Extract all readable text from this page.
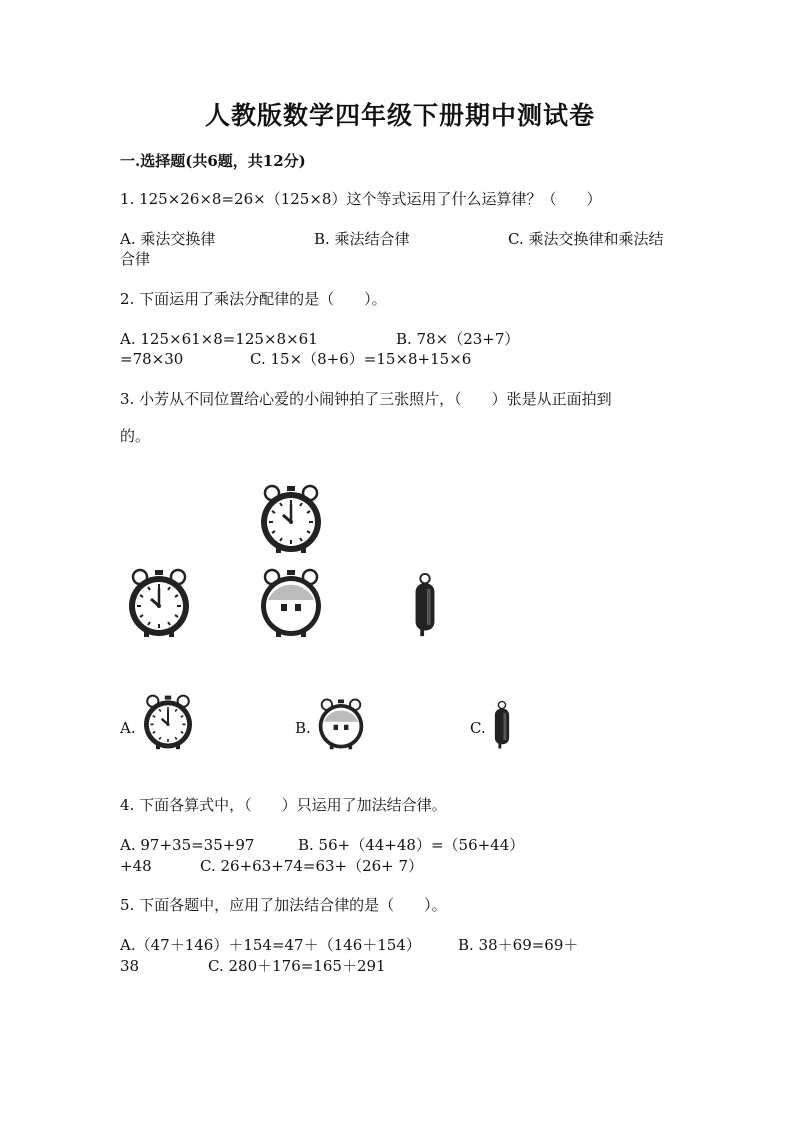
人教版数学四年级下册期中测试卷
一.选择题(共6题，共12分)
1. 125×26×8=26×（125×8）这个等式运用了什么运算律？（　　）
A. 乘法交换律	B. 乘法结合律	C. 乘法交换律和乘法结
合律
2. 下面运用了乘法分配律的是（　　）。
A. 125×61×8=125×8×61	B. 78×（23+7）
=78×30	C. 15×（8+6）=15×8+15×6
3. 小芳从不同位置给心爱的小闹钟拍了三张照片，（　　）张是从正面拍到
的。
A.	B.	C.
4. 下面各算式中，（　　）只运用了加法结合律。
A. 97+35=35+97	B. 56+（44+48）=（56+44）
+48	C. 26+63+74=63+（26+ 7）
5. 下面各题中，应用了加法结合律的是（　　）。
A.（47＋146）＋154=47＋（146＋154） B. 38＋69=69＋
38	C. 280＋176=165＋291
